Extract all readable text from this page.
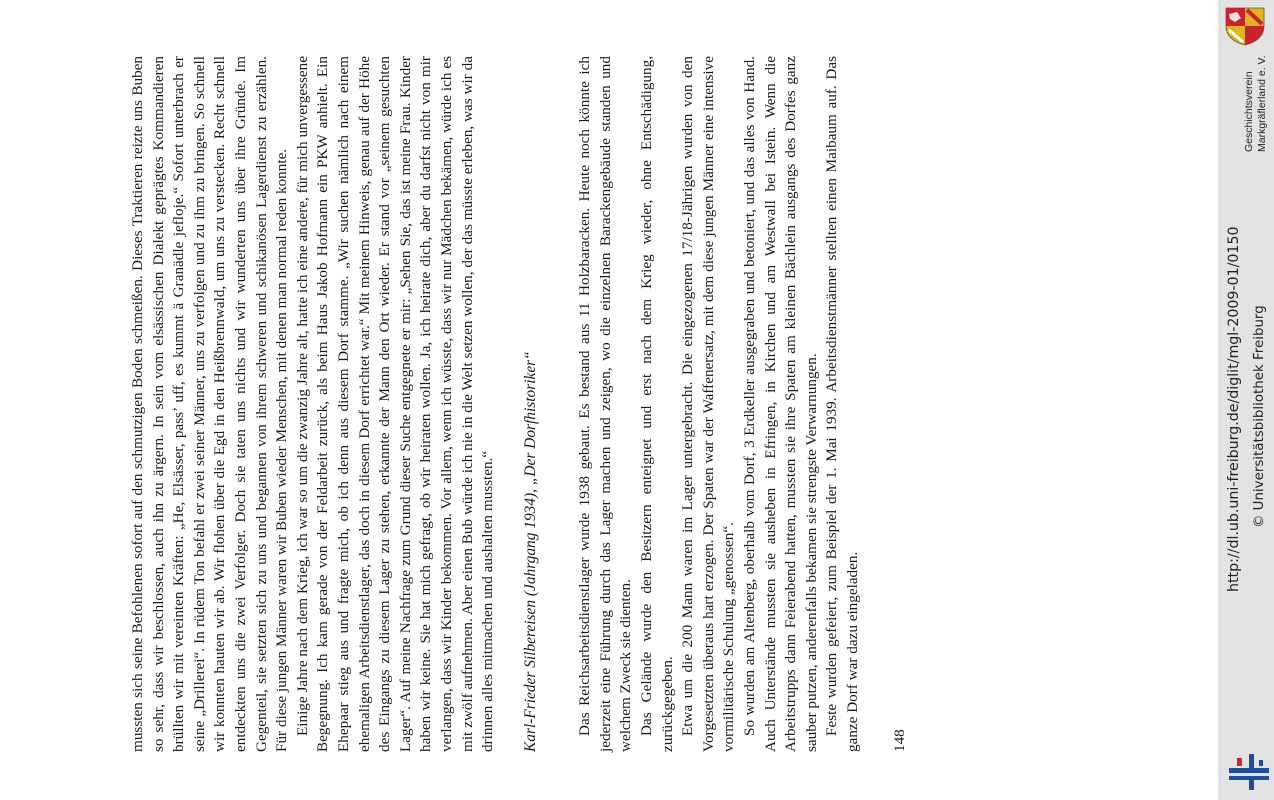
mussten sich seine Befohlenen sofort auf den schmutzigen Boden schmeißen. Dieses Traktieren reizte uns Buben so sehr, dass wir beschlossen, auch ihn zu ärgern. In sein vom elsässischen Dialekt geprägtes Kommandieren brüllten wir mit vereinten Kräften: „He, Elsässer, pass’ uff, es kummt ä Granädle jefloje.“ Sofort unterbrach er seine „Drillerei“. In rüdem Ton befahl er zwei seiner Männer, uns zu verfolgen und zu ihm zu bringen. So schnell wir konnten hauten wir ab. Wir flohen über die Egd in den Heißbrennwald, um uns zu verstecken. Recht schnell entdeckten uns die zwei Verfolger. Doch sie taten uns nichts und wir wunderten uns über ihre Gründe. Im Gegenteil, sie setzten sich zu uns und begannen von ihrem schweren und schikanösen Lagerdienst zu erzählen. Für diese jungen Männer waren wir Buben wieder Menschen, mit denen man normal reden konnte. Einige Jahre nach dem Krieg, ich war so um die zwanzig Jahre alt, hatte ich eine andere, für mich unvergessene Begegnung. Ich kam gerade von der Feldarbeit zurück, als beim Haus Jakob Hofmann ein PKW anhielt. Ein Ehepaar stieg aus und fragte mich, ob ich denn aus diesem Dorf stamme. „Wir suchen nämlich nach einem ehemaligen Arbeitsdienstlager, das doch in diesem Dorf errichtet war.“ Mit meinem Hinweis, genau auf der Höhe des Eingangs zu diesem Lager zu stehen, erkannte der Mann den Ort wieder. Er stand vor „seinem gesuchten Lager“. Auf meine Nachfrage zum Grund dieser Suche entgegnete er mir: „Sehen Sie, das ist meine Frau. Kinder haben wir keine. Sie hat mich gefragt, ob wir heiraten wollen. Ja, ich heirate dich, aber du darfst nicht von mir verlangen, dass wir Kinder bekommen. Vor allem, wenn ich wüsste, dass wir nur Mädchen bekämen, würde ich es mit zwölf aufnehmen. Aber einen Bub würde ich nie in die Welt setzen wollen, der das müsste erleben, was wir da drinnen alles mitmachen und aushalten mussten.“ Karl-Frieder Silbereisen (Jahrgang 1934), „Der Dorfhistoriker“ Das Reichsarbeitsdienstlager wurde 1938 gebaut. Es bestand aus 11 Holzbaracken. Heute noch könnte ich jederzeit eine Führung durch das Lager machen und zeigen, wo die einzelnen Barackengebäude standen und welchem Zweck sie dienten. Das Gelände wurde den Besitzern enteignet und erst nach dem Krieg wieder, ohne Entschädigung, zurückgegeben. Etwa um die 200 Mann waren im Lager untergebracht. Die eingezogenen 17/18-Jährigen wurden von den Vorgesetzten überaus hart erzogen. Der Spaten war der Waffenersatz, mit dem diese jungen Männer eine intensive vormilitärische Schulung „genossen“. So wurden am Altenberg, oberhalb vom Dorf, 3 Erdkeller ausgegraben und betoniert, und das alles von Hand. Auch Unterstände mussten sie ausheben in Efringen, in Kirchen und am Westwall bei Istein. Wenn die Arbeitstrupps dann Feierabend hatten, mussten sie ihre Spaten am kleinen Bächlein ausgangs des Dorfes ganz sauber putzen, anderenfalls bekamen sie strengste Verwarnungen. Feste wurden gefeiert, zum Beispiel der 1. Mai 1939. Arbeitsdienstmänner stellten einen Maibaum auf. Das ganze Dorf war dazu eingeladen. 148

Geschichtsverein Markgräflerland e. V.
http://dl.ub.uni-freiburg.de/diglit/mgl-2009-01/0150 © Universitätsbibliothek Freiburg
